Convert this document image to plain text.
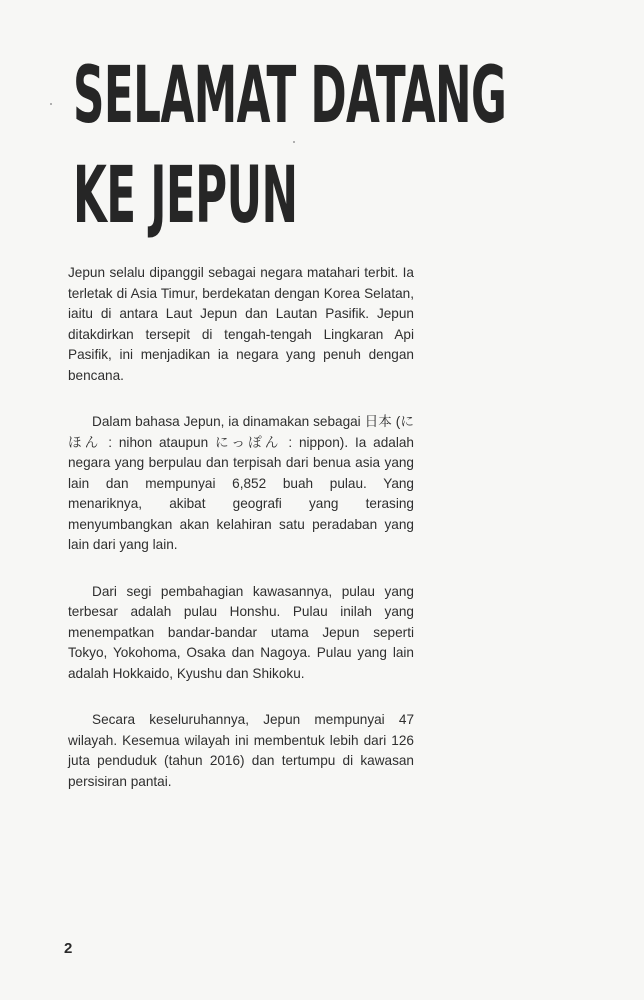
SELAMAT DATANG
KE JEPUN

Jepun selalu dipanggil sebagai negara matahari terbit. Ia terletak di Asia Timur, berdekatan dengan Korea Selatan, iaitu di antara Laut Jepun dan Lautan Pasifik. Jepun ditakdirkan tersepit di tengah-tengah Lingkaran Api Pasifik, ini menjadikan ia negara yang penuh dengan bencana.

Dalam bahasa Jepun, ia dinamakan sebagai 日本 (にほん : nihon ataupun にっぽん : nippon). Ia adalah negara yang berpulau dan terpisah dari benua asia yang lain dan mempunyai 6,852 buah pulau. Yang menariknya, akibat geografi yang terasing menyumbangkan akan kelahiran satu peradaban yang lain dari yang lain.

Dari segi pembahagian kawasannya, pulau yang terbesar adalah pulau Honshu. Pulau inilah yang menempatkan bandar-bandar utama Jepun seperti Tokyo, Yokohoma, Osaka dan Nagoya. Pulau yang lain adalah Hokkaido, Kyushu dan Shikoku.

Secara keseluruhannya, Jepun mempunyai 47 wilayah. Kesemua wilayah ini membentuk lebih dari 126 juta penduduk (tahun 2016) dan tertumpu di kawasan persisiran pantai.

2
